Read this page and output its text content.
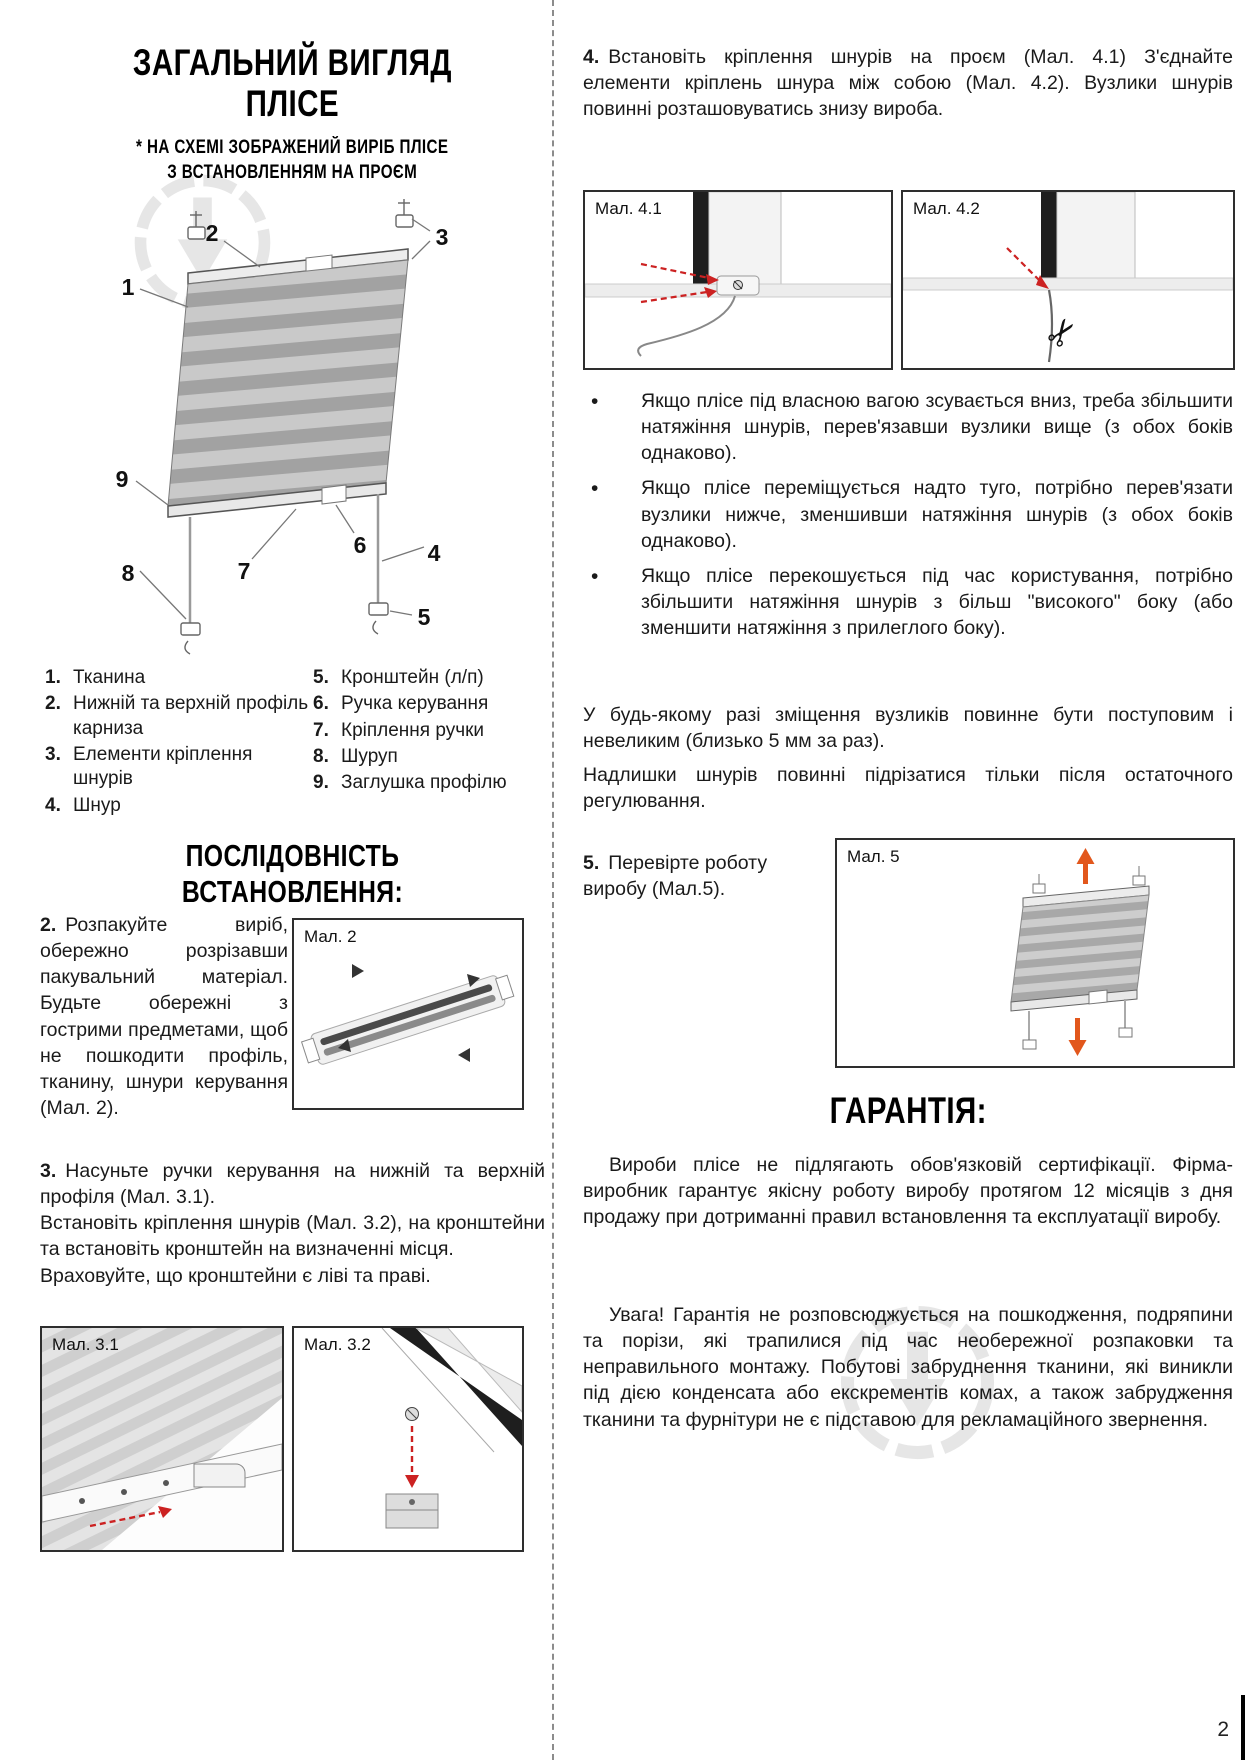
ЗАГАЛЬНИЙ ВИГЛЯД
ПЛІСЕ
* НА СХЕМІ ЗОБРАЖЕНИЙ ВИРІБ ПЛІСЕ
З ВСТАНОВЛЕННЯМ НА ПРОЄМ
1
2	3
4
5
6
7
8
9
1. Тканина
2. Нижній та верхній профіль карниза
3. Елементи кріплення шнурів
4. Шнур
5. Кронштейн (л/п)
6. Ручка керування
7. Кріплення ручки
8. Шуруп
9. Заглушка профілю
ПОСЛІДОВНІСТЬ ВСТАНОВЛЕННЯ:

2. Розпакуйте виріб, обережно розрізавши пакувальний матеріал. Будьте обережні з гострими предметами, щоб не пошкодити профіль, тканину, шнури керування (Мал. 2).

Мал. 2

3. Насуньте ручки керування на нижній та верхній профіля (Мал. 3.1).

Встановіть кріплення шнурів (Мал. 3.2), на кронштейни та встановіть кронштейн на визначенні місця.

Враховуйте, що кронштейни є ліві та праві.

Мал. 3.1	Мал. 3.2

4. Встановіть кріплення шнурів на проєм (Мал. 4.1) З'єднайте елементи кріплень шнура між собою (Мал. 4.2). Вузлики шнурів повинні розташовуватись знизу вироба.

Мал. 4.1	Мал. 4.2
✂
•	Якщо плісе під власною вагою зсувається вниз, треба збільшити натяжіння шнурів, перев'язавши вузлики вище (з обох боків однаково).
•	Якщо плісе переміщується надто туго, потрібно перев'язати вузлики нижче, зменшивши натяжіння шнурів (з обох боків однаково).
•	Якщо плісе перекошується під час користування, потрібно збільшити натяжіння шнурів з більш "високого" боку (або зменшити натяжіння з прилеглого боку).

У будь-якому разі зміщення вузликів повинне бути поступовим і невеликим (близько 5 мм за раз).

Надлишки шнурів повинні підрізатися тільки після остаточного регулювання.

5. Перевірте роботу виробу (Мал.5).

Мал. 5
ГАРАНТІЯ:

Вироби плісе не підлягають обов'язковій сертифікації. Фірма-виробник гарантує якісну роботу виробу протягом 12 місяців з дня продажу при дотриманні правил встановлення та експлуатації виробу.

Увага! Гарантія не розповсюджується на пошкодження, подряпини та порізи, які трапилися під час необережної розпаковки та неправильного монтажу. Побутові забруднення тканини, які виникли під дією конденсата або екскрементів комах, а також забрудження тканини та фурнітури не є підставою для рекламаційного звернення.

2
